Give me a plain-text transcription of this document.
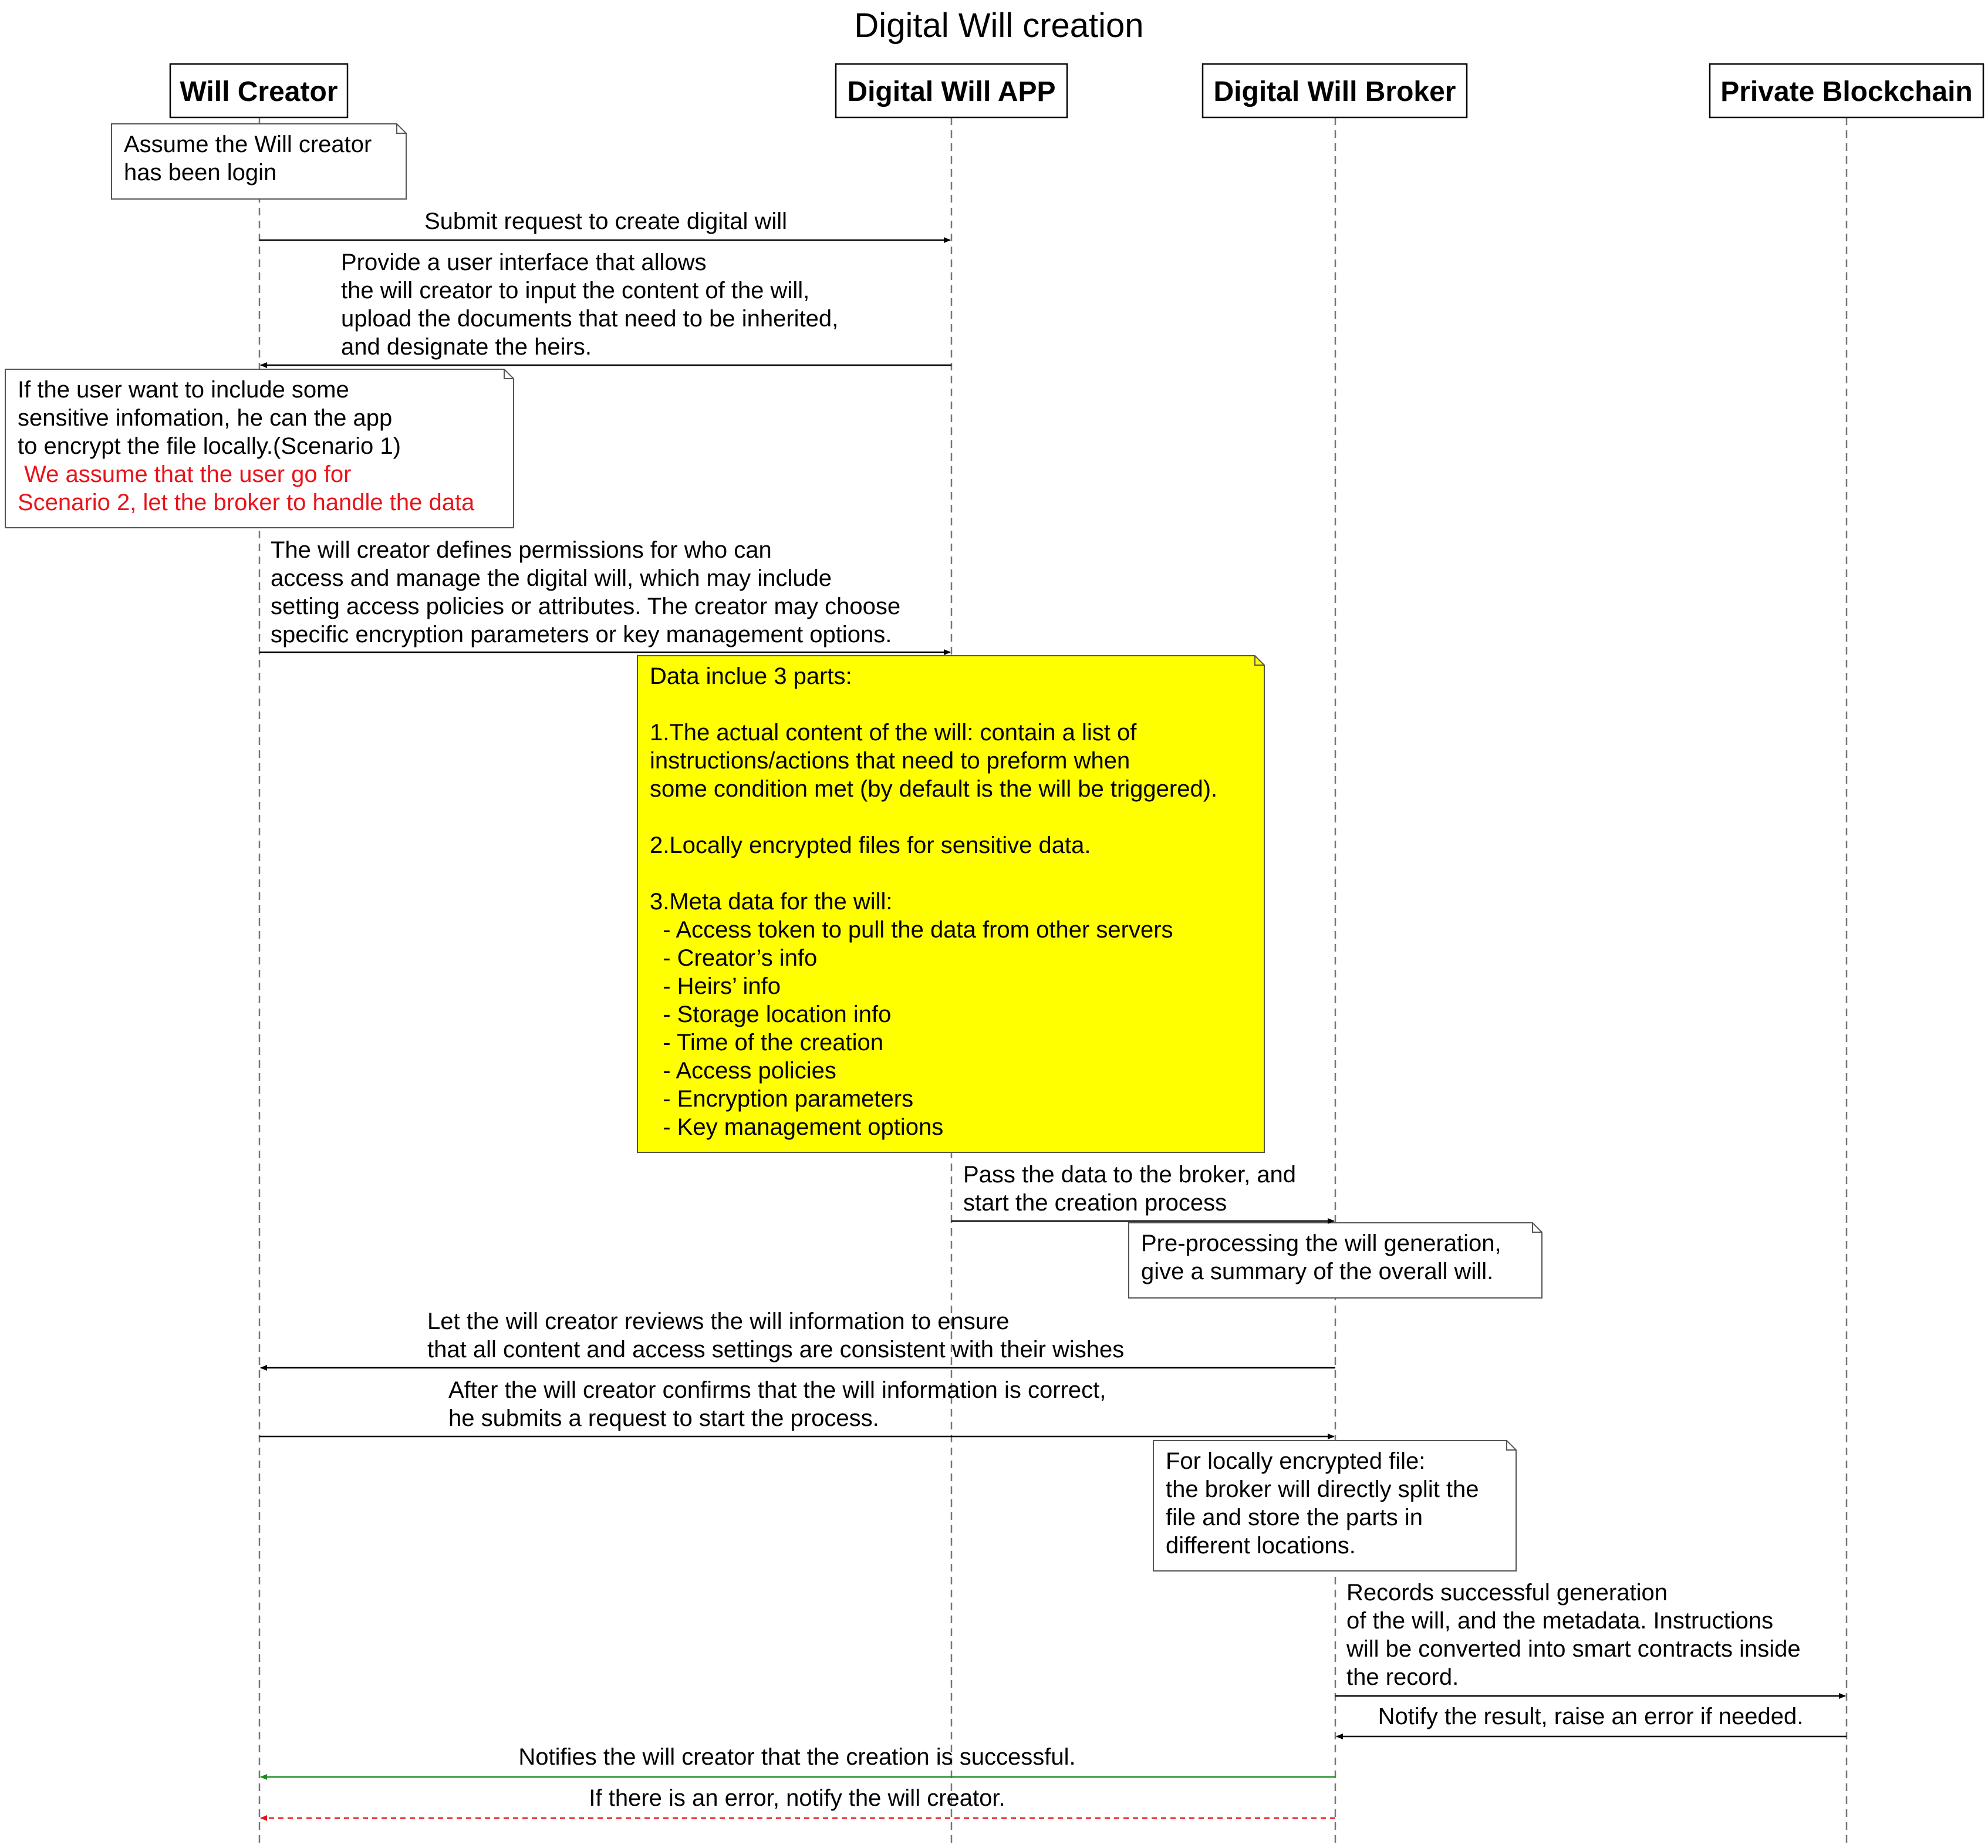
Digital Will creation
Will Creator	Digital Will APP	Digital Will Broker	Private Blockchain
Assume the Will creator
has been login
If the user want to include some
sensitive infomation, he can the app
to encrypt the file locally.(Scenario 1)
We assume that the user go for
Scenario 2, let the broker to handle the data
Data inclue 3 parts:
1.The actual content of the will: contain a list of
instructions/actions that need to preform when
some condition met (by default is the will be triggered).
2.Locally encrypted files for sensitive data.
3.Meta data for the will:
- Access token to pull the data from other servers
- Creator’s info
- Heirs’ info
- Storage location info
- Time of the creation
- Access policies
- Encryption parameters
- Key management options
Pre-processing the will generation,
give a summary of the overall will.
For locally encrypted file:
the broker will directly split the
file and store the parts in
different locations.
Submit request to create digital will
Provide a user interface that allows
the will creator to input the content of the will,
upload the documents that need to be inherited,
and designate the heirs.
The will creator defines permissions for who can
access and manage the digital will, which may include
setting access policies or attributes. The creator may choose
specific encryption parameters or key management options.
Pass the data to the broker, and
start the creation process
Let the will creator reviews the will information to ensure
that all content and access settings are consistent with their wishes
After the will creator confirms that the will information is correct,
he submits a request to start the process.
Records successful generation
of the will, and the metadata. Instructions
will be converted into smart contracts inside
the record.
Notify the result, raise an error if needed.
Notifies the will creator that the creation is successful.
If there is an error, notify the will creator.
